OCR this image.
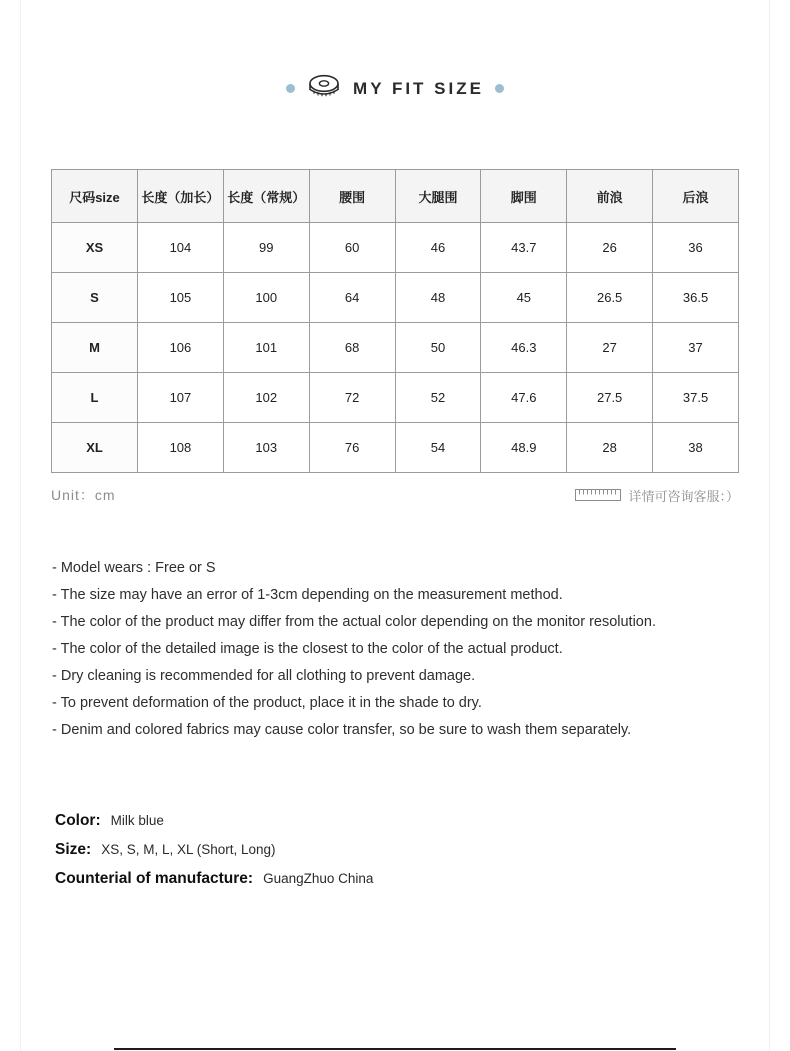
MY FIT SIZE
尺码size	长度（加长）	长度（常规）	腰围	大腿围	脚围	前浪	后浪
XS	104	99	60	46	43.7	26	36
S	105	100	64	48	45	26.5	36.5
M	106	101	68	50	46.3	27	37
L	107	102	72	52	47.6	27.5	37.5
XL	108	103	76	54	48.9	28	38
Unit：cm	详情可咨询客服：）
- Model wears : Free or S
- The size may have an error of 1-3cm depending on the measurement method.
- The color of the product may differ from the actual color depending on the monitor resolution.
- The color of the detailed image is the closest to the color of the actual product.
- Dry cleaning is recommended for all clothing to prevent damage.
- To prevent deformation of the product, place it in the shade to dry.
- Denim and colored fabrics may cause color transfer, so be sure to wash them separately.
Color: Milk blue
Size: XS, S, M, L, XL (Short, Long)
Counterial of manufacture: GuangZhuo China
